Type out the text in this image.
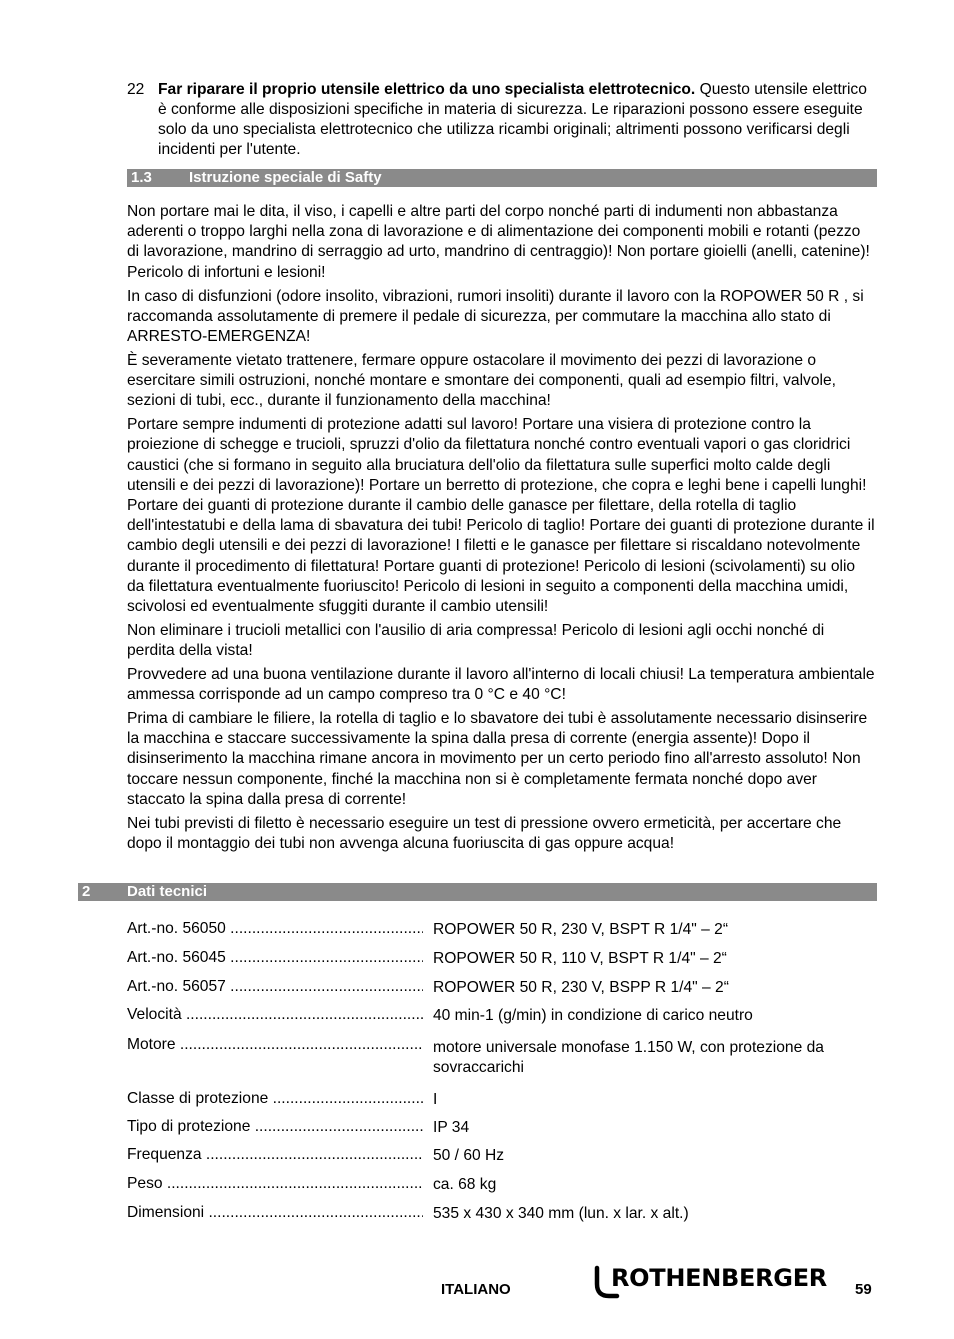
22 Far riparare il proprio utensile elettrico da uno specialista elettrotecnico. Questo utensile elettrico è conforme alle disposizioni specifiche in materia di sicurezza. Le riparazioni possono essere eseguite solo da uno specialista elettrotecnico che utilizza ricambi originali; altrimenti possono verificarsi degli incidenti per l'utente.
1.3 Istruzione speciale di Safty

Non portare mai le dita, il viso, i capelli e altre parti del corpo nonché parti di indumenti non abbastanza aderenti o troppo larghi nella zona di lavorazione e di alimentazione dei componenti mobili e rotanti (pezzo di lavorazione, mandrino di serraggio ad urto, mandrino di centraggio)! Non portare gioielli (anelli, catenine)! Pericolo di infortuni e lesioni!

In caso di disfunzioni (odore insolito, vibrazioni, rumori insoliti) durante il lavoro con la ROPOWER 50 R , si raccomanda assolutamente di premere il pedale di sicurezza, per commutare la macchina allo stato di ARRESTO-EMERGENZA!

È severamente vietato trattenere, fermare oppure ostacolare il movimento dei pezzi di lavorazione o esercitare simili ostruzioni, nonché montare e smontare dei componenti, quali ad esempio filtri, valvole, sezioni di tubi, ecc., durante il funzionamento della macchina!

Portare sempre indumenti di protezione adatti sul lavoro! Portare una visiera di protezione contro la proiezione di schegge e trucioli, spruzzi d'olio da filettatura nonché contro eventuali vapori o gas cloridrici caustici (che si formano in seguito alla bruciatura dell'olio da filettatura sulle superfici molto calde degli utensili e dei pezzi di lavorazione)! Portare un berretto di protezione, che copra e leghi bene i capelli lunghi! Portare dei guanti di protezione durante il cambio delle ganasce per filettare, della rotella di taglio dell'intestatubi e della lama di sbavatura dei tubi! Pericolo di taglio! Portare dei guanti di protezione durante il cambio degli utensili e dei pezzi di lavorazione! I filetti e le ganasce per filettare si riscaldano notevolmente durante il procedimento di filettatura! Portare guanti di protezione! Pericolo di lesioni (scivolamenti) su olio da filettatura eventualmente fuoriuscito! Pericolo di lesioni in seguito a componenti della macchina umidi, scivolosi ed eventualmente sfuggiti durante il cambio utensili!

Non eliminare i trucioli metallici con l'ausilio di aria compressa! Pericolo di lesioni agli occhi nonché di perdita della vista!

Provvedere ad una buona ventilazione durante il lavoro all'interno di locali chiusi! La temperatura ambientale ammessa corrisponde ad un campo compreso tra 0 °C e 40 °C!

Prima di cambiare le filiere, la rotella di taglio e lo sbavatore dei tubi è assolutamente necessario disinserire la macchina e staccare successivamente la spina dalla presa di corrente (energia assente)! Dopo il disinserimento la macchina rimane ancora in movimento per un certo periodo fino all'arresto assoluto! Non toccare nessun componente, finché la macchina non si è completamente fermata nonché dopo aver staccato la spina dalla presa di corrente!

Nei tubi previsti di filetto è necessario eseguire un test di pressione ovvero ermeticità, per accertare che dopo il montaggio dei tubi non avvenga alcuna fuoriuscita di gas oppure acqua!

2 Dati tecnici
Art.-no. 56050 .....	ROPOWER 50 R, 230 V, BSPT R 1/4" – 2“
Art.-no. 56045 .....	ROPOWER 50 R, 110 V, BSPT R 1/4" – 2“
Art.-no. 56057 .....	ROPOWER 50 R, 230 V, BSPP R 1/4" – 2“
Velocità .....	40 min-1 (g/min) in condizione di carico neutro
Motore .....	motore universale monofase 1.150 W, con protezione da sovraccarichi
Classe di protezione .....	I
Tipo di protezione .....	IP 34
Frequenza .....	50 / 60 Hz
Peso .....	ca. 68 kg
Dimensioni .....	535 x 430 x 340 mm (lun. x lar. x alt.)
ITALIANO	ROTHENBERGER 59
